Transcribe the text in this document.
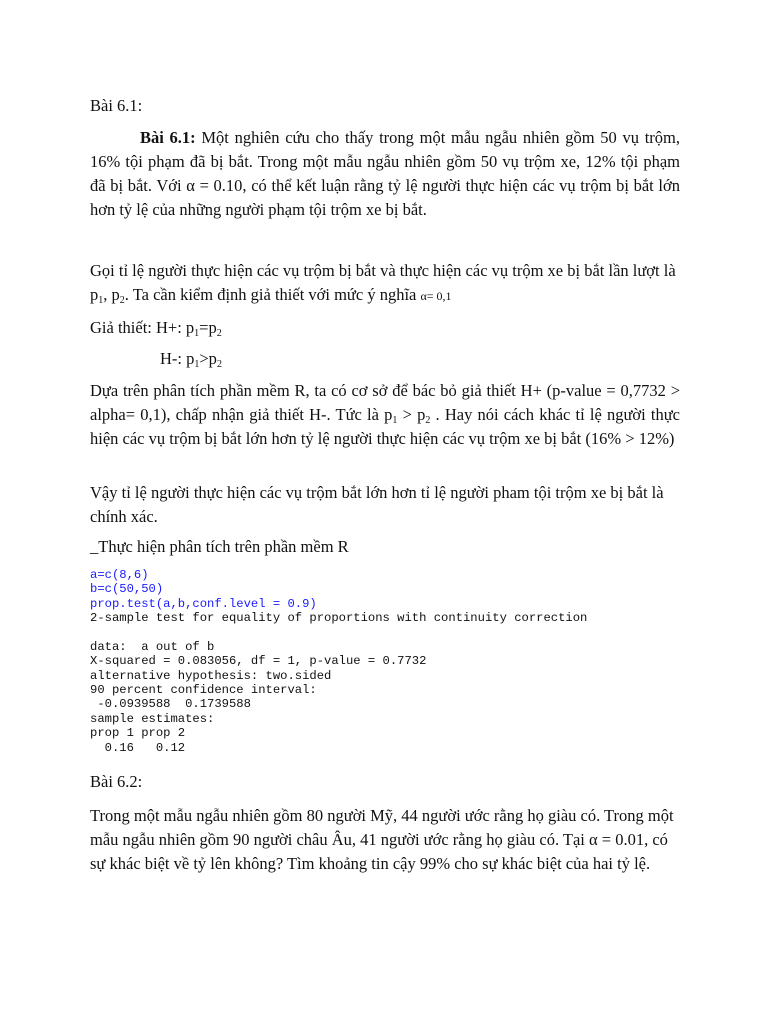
Bài 6.1:
Bài 6.1: Một nghiên cứu cho thấy trong một mẫu ngẫu nhiên gồm 50 vụ trộm, 16% tội phạm đã bị bắt. Trong một mẫu ngẫu nhiên gồm 50 vụ trộm xe, 12% tội phạm đã bị bắt. Với α = 0.10, có thể kết luận rằng tỷ lệ người thực hiện các vụ trộm bị bắt lớn hơn tỷ lệ của những người phạm tội trộm xe bị bắt.
Gọi tỉ lệ người thực hiện các vụ trộm bị bắt và thực hiện các vụ trộm xe bị bắt lần lượt là $p_1$, $p_2$. Ta cần kiểm định giả thiết với mức ý nghĩa α= 0,1
Giả thiết: H+: $p_1=p_2$
H-: $p_1>p_2$
Dựa trên phân tích phần mềm R, ta có cơ sở để bác bỏ giả thiết H+ (p-value = 0,7732 > alpha= 0,1), chấp nhận giả thiết H-. Tức là $p_1 > p_2$ . Hay nói cách khác tỉ lệ người thực hiện các vụ trộm bị bắt lớn hơn tỷ lệ người thực hiện các vụ trộm xe bị bắt (16% > 12%)
Vậy tỉ lệ người thực hiện các vụ trộm bắt lớn hơn tỉ lệ người pham tội trộm xe bị bắt là chính xác.
_Thực hiện phân tích trên phần mềm R
a=c(8,6)
b=c(50,50)
prop.test(a,b,conf.level = 0.9)
2-sample test for equality of proportions with continuity correction

data:  a out of b
X-squared = 0.083056, df = 1, p-value = 0.7732
alternative hypothesis: two.sided
90 percent confidence interval:
-0.0939588  0.1739588
sample estimates:
prop 1 prop 2
0.16   0.12
Bài 6.2:
Trong một mẫu ngẫu nhiên gồm 80 người Mỹ, 44 người ước rằng họ giàu có. Trong một mẫu ngẫu nhiên gồm 90 người châu Âu, 41 người ước rằng họ giàu có. Tại α = 0.01, có sự khác biệt về tỷ lên không? Tìm khoảng tin cậy 99% cho sự khác biệt của hai tỷ lệ.
